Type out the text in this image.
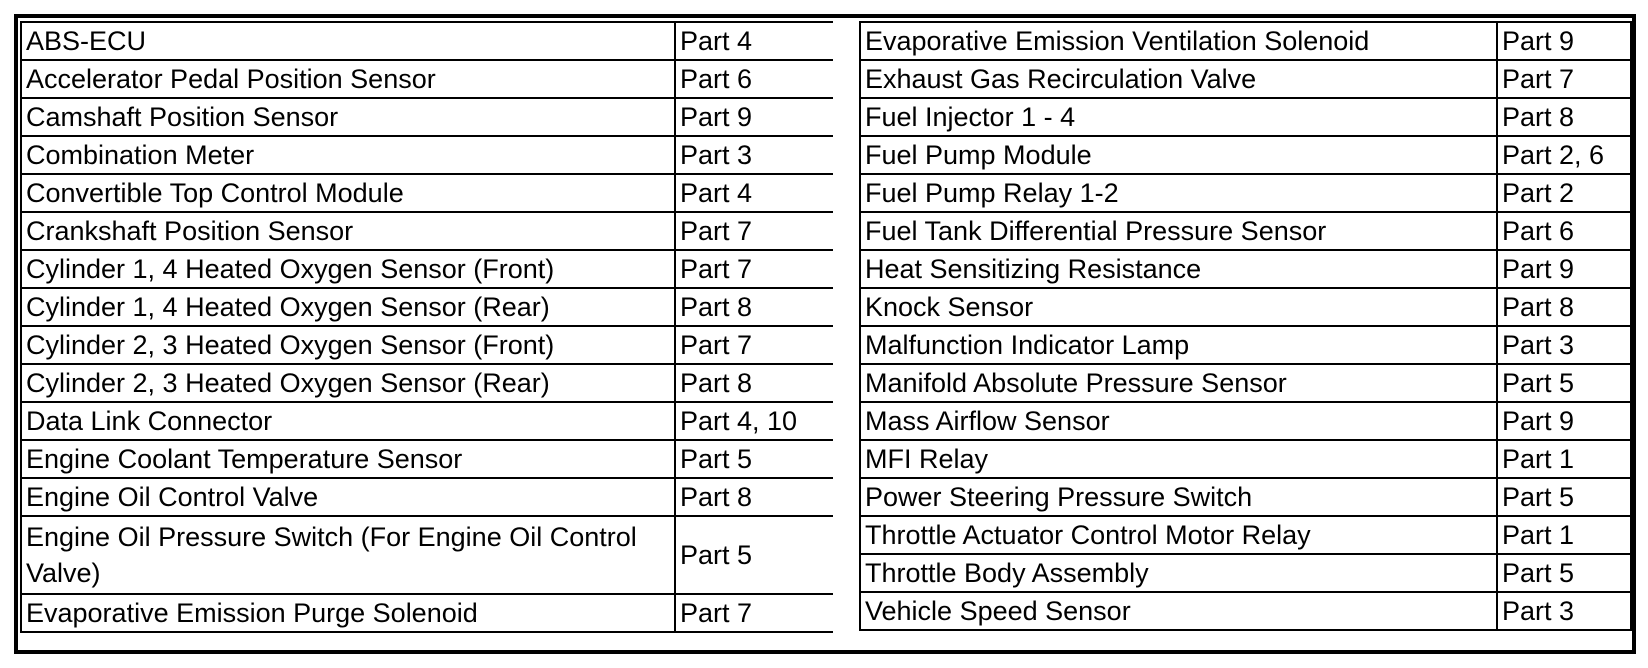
ABS-ECU	Part 4
Accelerator Pedal Position Sensor	Part 6
Camshaft Position Sensor	Part 9
Combination Meter	Part 3
Convertible Top Control Module	Part 4
Crankshaft Position Sensor	Part 7
Cylinder 1, 4 Heated Oxygen Sensor (Front)	Part 7
Cylinder 1, 4 Heated Oxygen Sensor (Rear)	Part 8
Cylinder 2, 3 Heated Oxygen Sensor (Front)	Part 7
Cylinder 2, 3 Heated Oxygen Sensor (Rear)	Part 8
Data Link Connector	Part 4, 10
Engine Coolant Temperature Sensor	Part 5
Engine Oil Control Valve	Part 8
Engine Oil Pressure Switch (For Engine Oil Control Valve)	Part 5
Evaporative Emission Purge Solenoid	Part 7
Evaporative Emission Ventilation Solenoid	Part 9
Exhaust Gas Recirculation Valve	Part 7
Fuel Injector 1 - 4	Part 8
Fuel Pump Module	Part 2, 6
Fuel Pump Relay 1-2	Part 2
Fuel Tank Differential Pressure Sensor	Part 6
Heat Sensitizing Resistance	Part 9
Knock Sensor	Part 8
Malfunction Indicator Lamp	Part 3
Manifold Absolute Pressure Sensor	Part 5
Mass Airflow Sensor	Part 9
MFI Relay	Part 1
Power Steering Pressure Switch	Part 5
Throttle Actuator Control Motor Relay	Part 1
Throttle Body Assembly	Part 5
Vehicle Speed Sensor	Part 3
